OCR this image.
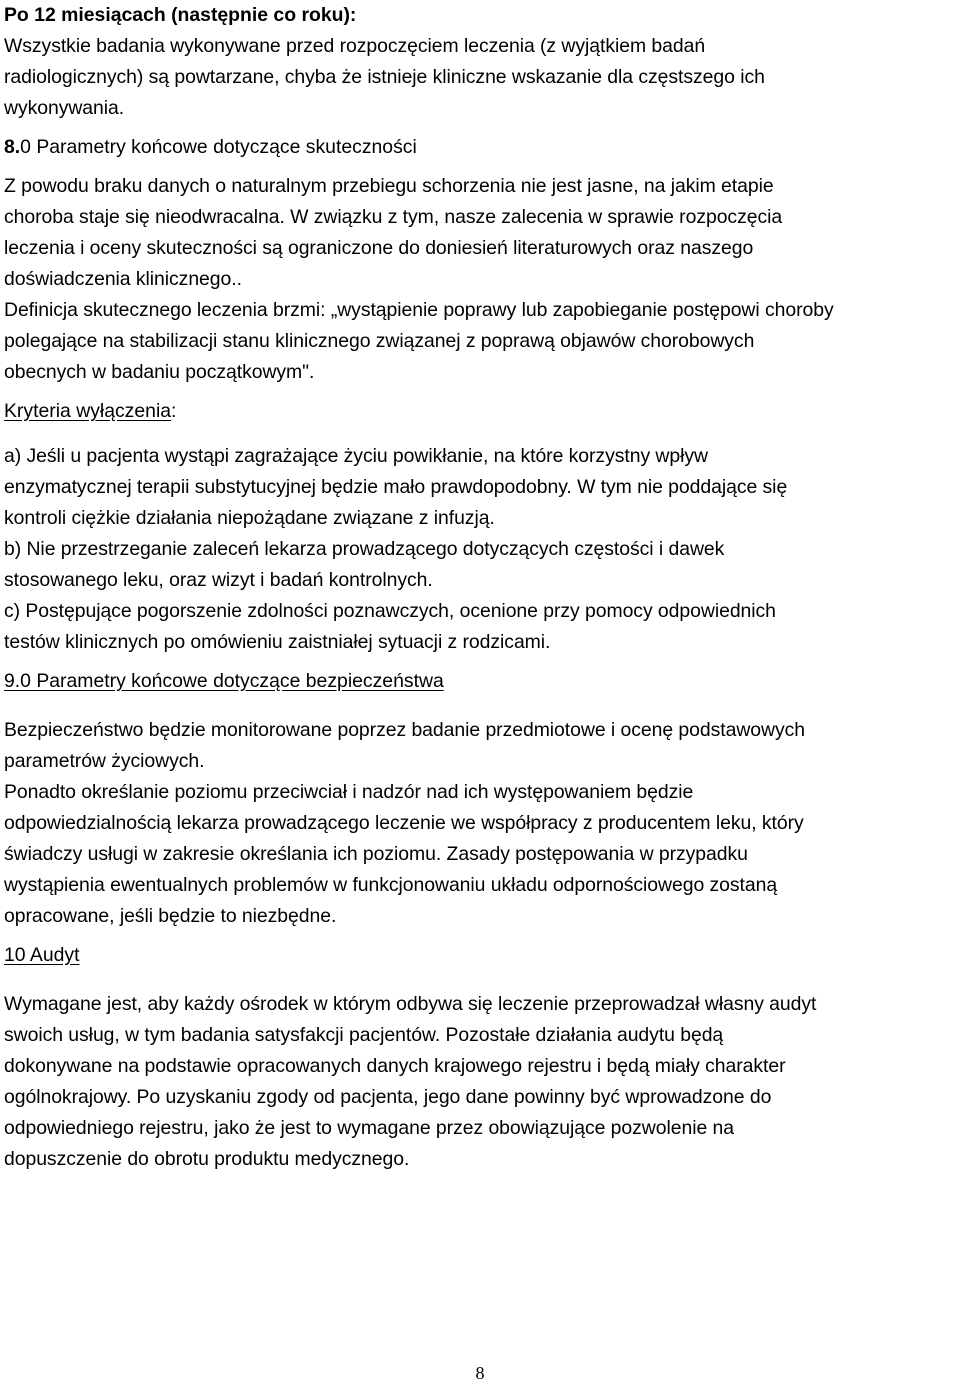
Po 12 miesiącach (następnie co roku):
Wszystkie badania wykonywane przed rozpoczęciem leczenia (z wyjątkiem badań
radiologicznych) są powtarzane, chyba że istnieje kliniczne wskazanie dla częstszego ich
wykonywania.
8.0 Parametry końcowe dotyczące skuteczności
Z powodu braku danych o naturalnym przebiegu schorzenia nie jest jasne, na jakim etapie
choroba staje się nieodwracalna. W związku z tym, nasze zalecenia w sprawie rozpoczęcia
leczenia i oceny skuteczności są ograniczone do doniesień literaturowych oraz naszego
doświadczenia klinicznego..
Definicja skutecznego leczenia brzmi: „wystąpienie poprawy lub zapobieganie postępowi choroby
polegające na stabilizacji stanu klinicznego związanej z poprawą objawów chorobowych
obecnych w badaniu początkowym".
Kryteria wyłączenia:
a) Jeśli u pacjenta wystąpi zagrażające życiu powikłanie, na które korzystny wpływ
enzymatycznej terapii substytucyjnej będzie mało prawdopodobny. W tym nie poddające się
kontroli ciężkie działania niepożądane związane z infuzją.
b) Nie przestrzeganie zaleceń lekarza prowadzącego dotyczących częstości i dawek
stosowanego leku, oraz wizyt i badań kontrolnych.
c) Postępujące pogorszenie zdolności poznawczych, ocenione przy pomocy odpowiednich
testów klinicznych po omówieniu zaistniałej sytuacji z rodzicami.
9.0 Parametry końcowe dotyczące bezpieczeństwa
Bezpieczeństwo będzie monitorowane poprzez badanie przedmiotowe i ocenę podstawowych
parametrów życiowych.
Ponadto określanie poziomu przeciwciał i nadzór nad ich występowaniem będzie
odpowiedzialnością lekarza prowadzącego leczenie we współpracy z producentem leku, który
świadczy usługi w zakresie określania ich poziomu. Zasady postępowania w przypadku
wystąpienia ewentualnych problemów w funkcjonowaniu układu odpornościowego zostaną
opracowane, jeśli będzie to niezbędne.
10 Audyt
Wymagane jest, aby każdy ośrodek w którym odbywa się leczenie przeprowadzał własny audyt
swoich usług, w tym badania satysfakcji pacjentów. Pozostałe działania audytu będą
dokonywane na podstawie opracowanych danych krajowego rejestru i będą miały charakter
ogólnokrajowy. Po uzyskaniu zgody od pacjenta, jego dane powinny być wprowadzone do
odpowiedniego rejestru, jako że jest to wymagane przez obowiązujące pozwolenie na
dopuszczenie do obrotu produktu medycznego.
8
